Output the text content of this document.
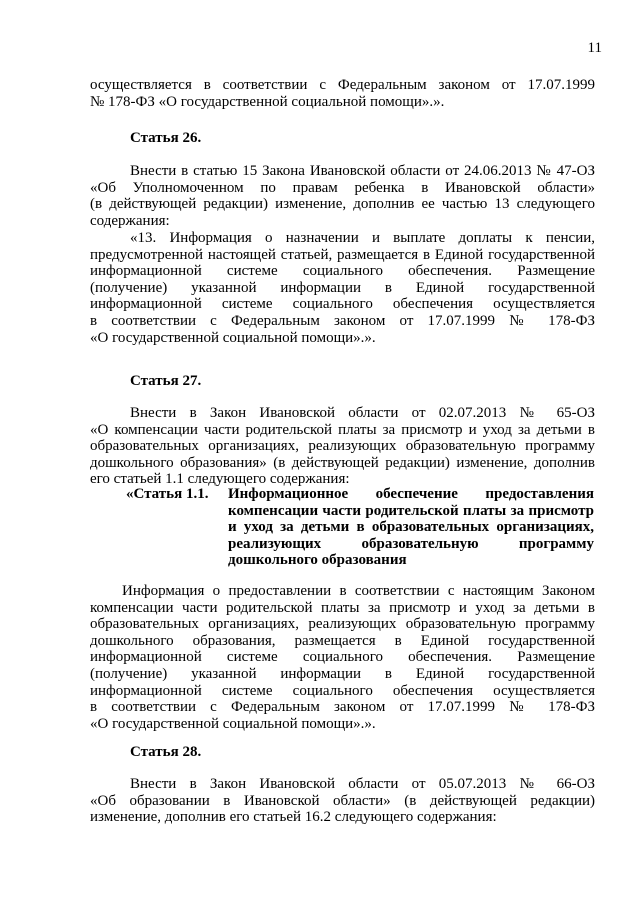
11
осуществляется в соответствии с Федеральным законом от 17.07.1999
№ 178-ФЗ «О государственной социальной помощи».».
Статья 26.
Внести в статью 15 Закона Ивановской области от 24.06.2013 № 47-ОЗ
«Об Уполномоченном по правам ребенка в Ивановской области»
(в действующей редакции) изменение, дополнив ее частью 13 следующего
содержания:
«13. Информация о назначении и выплате доплаты к пенсии,
предусмотренной настоящей статьей, размещается в Единой государственной
информационной системе социального обеспечения. Размещение
(получение) указанной информации в Единой государственной
информационной системе социального обеспечения осуществляется
в соответствии с Федеральным законом от 17.07.1999 № 178-ФЗ
«О государственной социальной помощи».».
Статья 27.
Внести в Закон Ивановской области от 02.07.2013 № 65-ОЗ
«О компенсации части родительской платы за присмотр и уход за детьми в
образовательных организациях, реализующих образовательную программу
дошкольного образования» (в действующей редакции) изменение, дополнив
его статьей 1.1 следующего содержания:
«Статья 1.1. Информационное обеспечение предоставления
компенсации части родительской платы за присмотр
и уход за детьми в образовательных организациях,
реализующих образовательную программу
дошкольного образования
Информация о предоставлении в соответствии с настоящим Законом
компенсации части родительской платы за присмотр и уход за детьми в
образовательных организациях, реализующих образовательную программу
дошкольного образования, размещается в Единой государственной
информационной системе социального обеспечения. Размещение
(получение) указанной информации в Единой государственной
информационной системе социального обеспечения осуществляется
в соответствии с Федеральным законом от 17.07.1999 № 178-ФЗ
«О государственной социальной помощи».».
Статья 28.
Внести в Закон Ивановской области от 05.07.2013 № 66-ОЗ
«Об образовании в Ивановской области» (в действующей редакции)
изменение, дополнив его статьей 16.2 следующего содержания:
